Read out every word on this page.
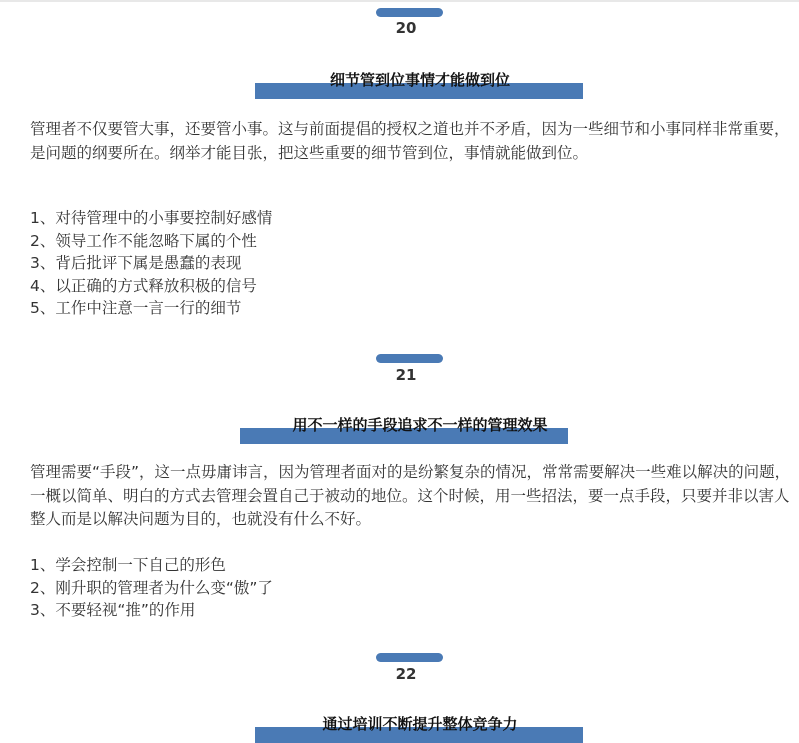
20
细节管到位事情才能做到位

管理者不仅要管大事，还要管小事。这与前面提倡的授权之道也并不矛盾，因为一些细节和小事同样非常重要，是问题的纲要所在。纲举才能目张，把这些重要的细节管到位，事情就能做到位。

1、对待管理中的小事要控制好感情
2、领导工作不能忽略下属的个性
3、背后批评下属是愚蠢的表现
4、以正确的方式释放积极的信号
5、工作中注意一言一行的细节
21
用不一样的手段追求不一样的管理效果

管理需要“手段”，这一点毋庸讳言，因为管理者面对的是纷繁复杂的情况，常常需要解决一些难以解决的问题，一概以简单、明白的方式去管理会置自己于被动的地位。这个时候，用一些招法，要一点手段，只要并非以害人整人而是以解决问题为目的，也就没有什么不好。

1、学会控制一下自己的形色
2、刚升职的管理者为什么变“傲”了
3、不要轻视“推”的作用
22
通过培训不断提升整体竞争力
